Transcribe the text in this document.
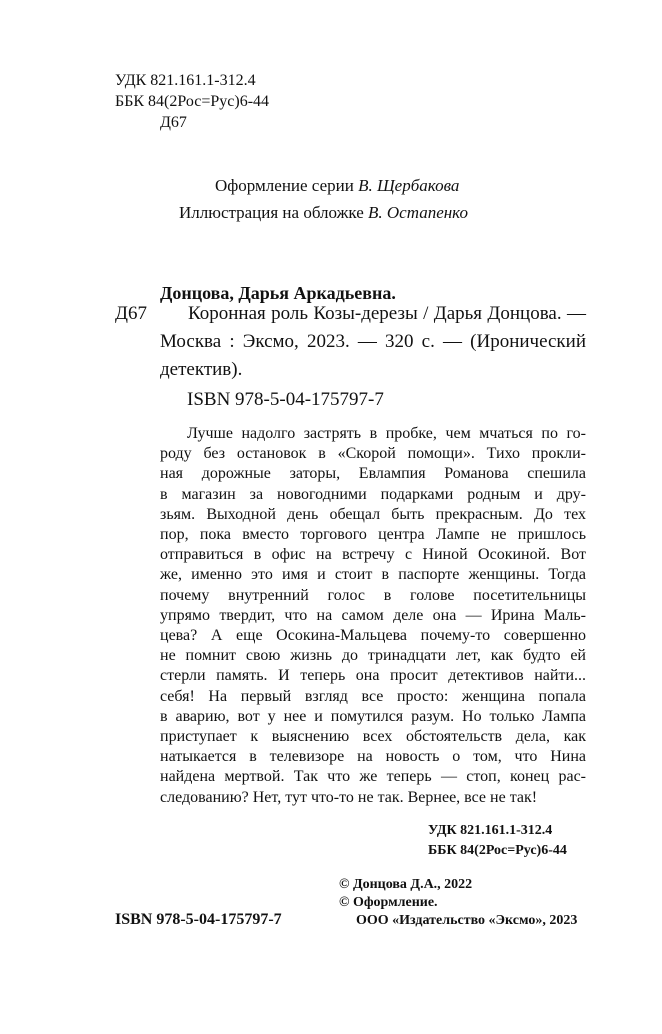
УДК 821.161.1-312.4
ББК 84(2Рос=Рус)6-44
Д67
Оформление серии В. Щербакова
Иллюстрация на обложке В. Остапенко
Донцова, Дарья Аркадьевна.
Д67	Коронная роль Козы-дерезы / Дарья Донцова. — Москва : Эксмо, 2023. — 320 с. — (Иронический детектив).
ISBN 978-5-04-175797-7
Лучше надолго застрять в пробке, чем мчаться по го-
роду без остановок в «Скорой помощи». Тихо прокли-
ная дорожные заторы, Евлампия Романова спешила
в магазин за новогодними подарками родным и дру-
зьям. Выходной день обещал быть прекрасным. До тех
пор, пока вместо торгового центра Лампе не пришлось
отправиться в офис на встречу с Ниной Осокиной. Вот
же, именно это имя и стоит в паспорте женщины. Тогда
почему внутренний голос в голове посетительницы
упрямо твердит, что на самом деле она — Ирина Маль-
цева? А еще Осокина-Мальцева почему-то совершенно
не помнит свою жизнь до тринадцати лет, как будто ей
стерли память. И теперь она просит детективов найти...
себя! На первый взгляд все просто: женщина попала
в аварию, вот у нее и помутился разум. Но только Лампа
приступает к выяснению всех обстоятельств дела, как
натыкается в телевизоре на новость о том, что Нина
найдена мертвой. Так что же теперь — стоп, конец рас-
следованию? Нет, тут что-то не так. Вернее, все не так!
УДК 821.161.1-312.4
ББК 84(2Рос=Рус)6-44
© Донцова Д.А., 2022
© Оформление.
ООО «Издательство «Эксмо», 2023
ISBN 978-5-04-175797-7
